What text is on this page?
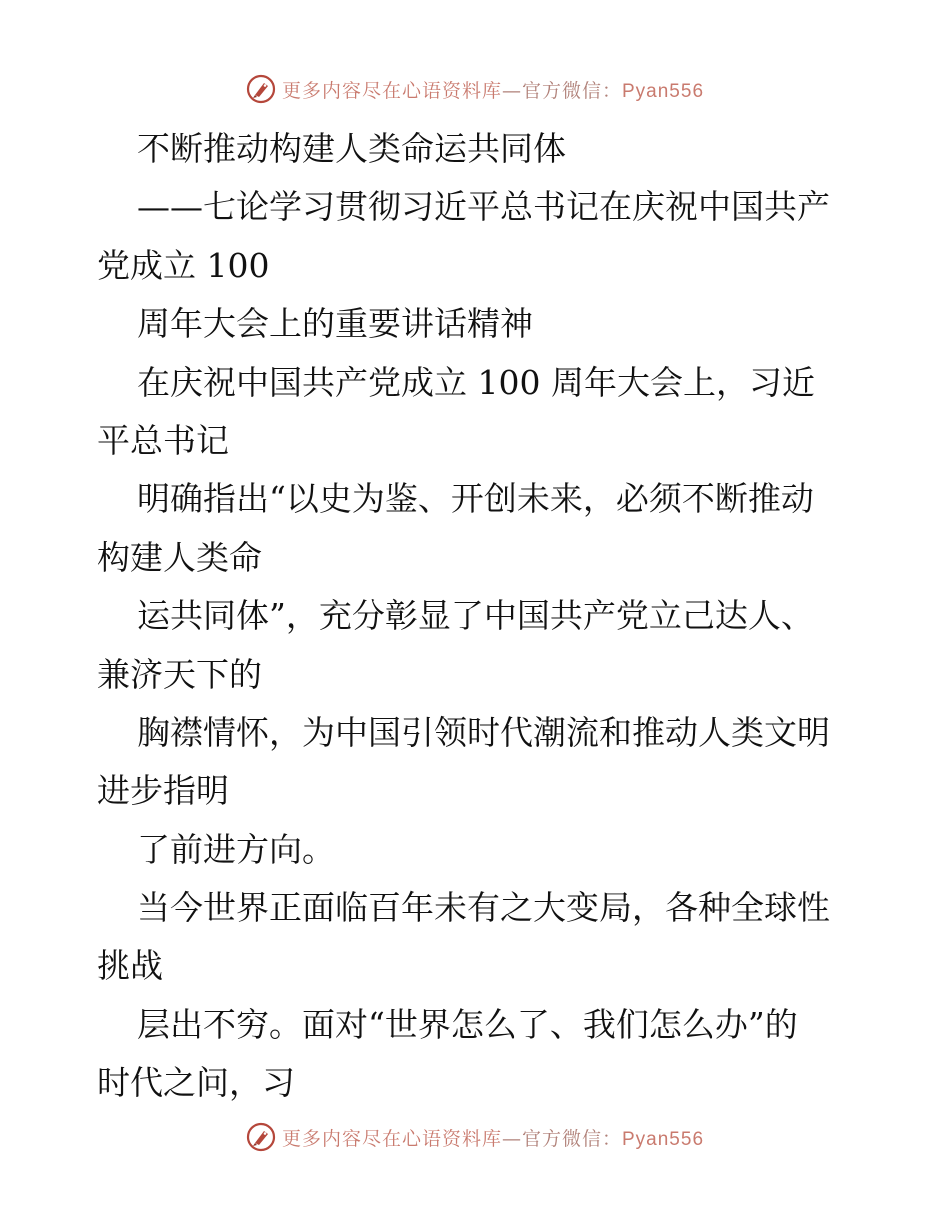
更多内容尽在心语资料库—官方微信：Pyan556

不断推动构建人类命运共同体

——七论学习贯彻习近平总书记在庆祝中国共产

党成立 100

周年大会上的重要讲话精神

在庆祝中国共产党成立 100 周年大会上，习近

平总书记

明确指出“以史为鉴、开创未来，必须不断推动

构建人类命

运共同体”，充分彰显了中国共产党立己达人、

兼济天下的

胸襟情怀，为中国引领时代潮流和推动人类文明

进步指明

了前进方向。

当今世界正面临百年未有之大变局，各种全球性

挑战

层出不穷。面对“世界怎么了、我们怎么办”的

时代之问，习

更多内容尽在心语资料库—官方微信：Pyan556
